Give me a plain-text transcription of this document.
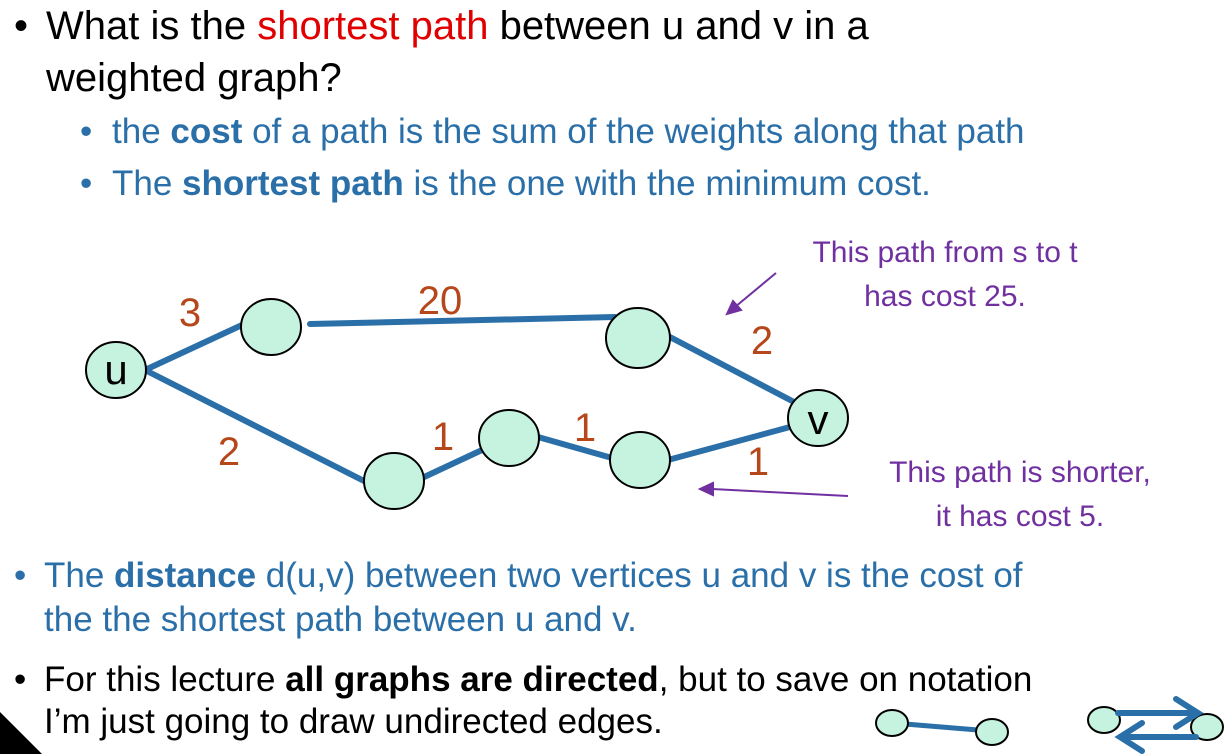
• What is the shortest path between u and v in a
weighted graph?
• the cost of a path is the sum of the weights along that path
• The shortest path is the one with the minimum cost.
u
v
3	20
2
2	1	1
1
This path from s to t
has cost 25.
This path is shorter,
it has cost 5.
• The distance d(u,v) between two vertices u and v is the cost of
the the shortest path between u and v.
• For this lecture all graphs are directed, but to save on notation
I’m just going to draw undirected edges.
